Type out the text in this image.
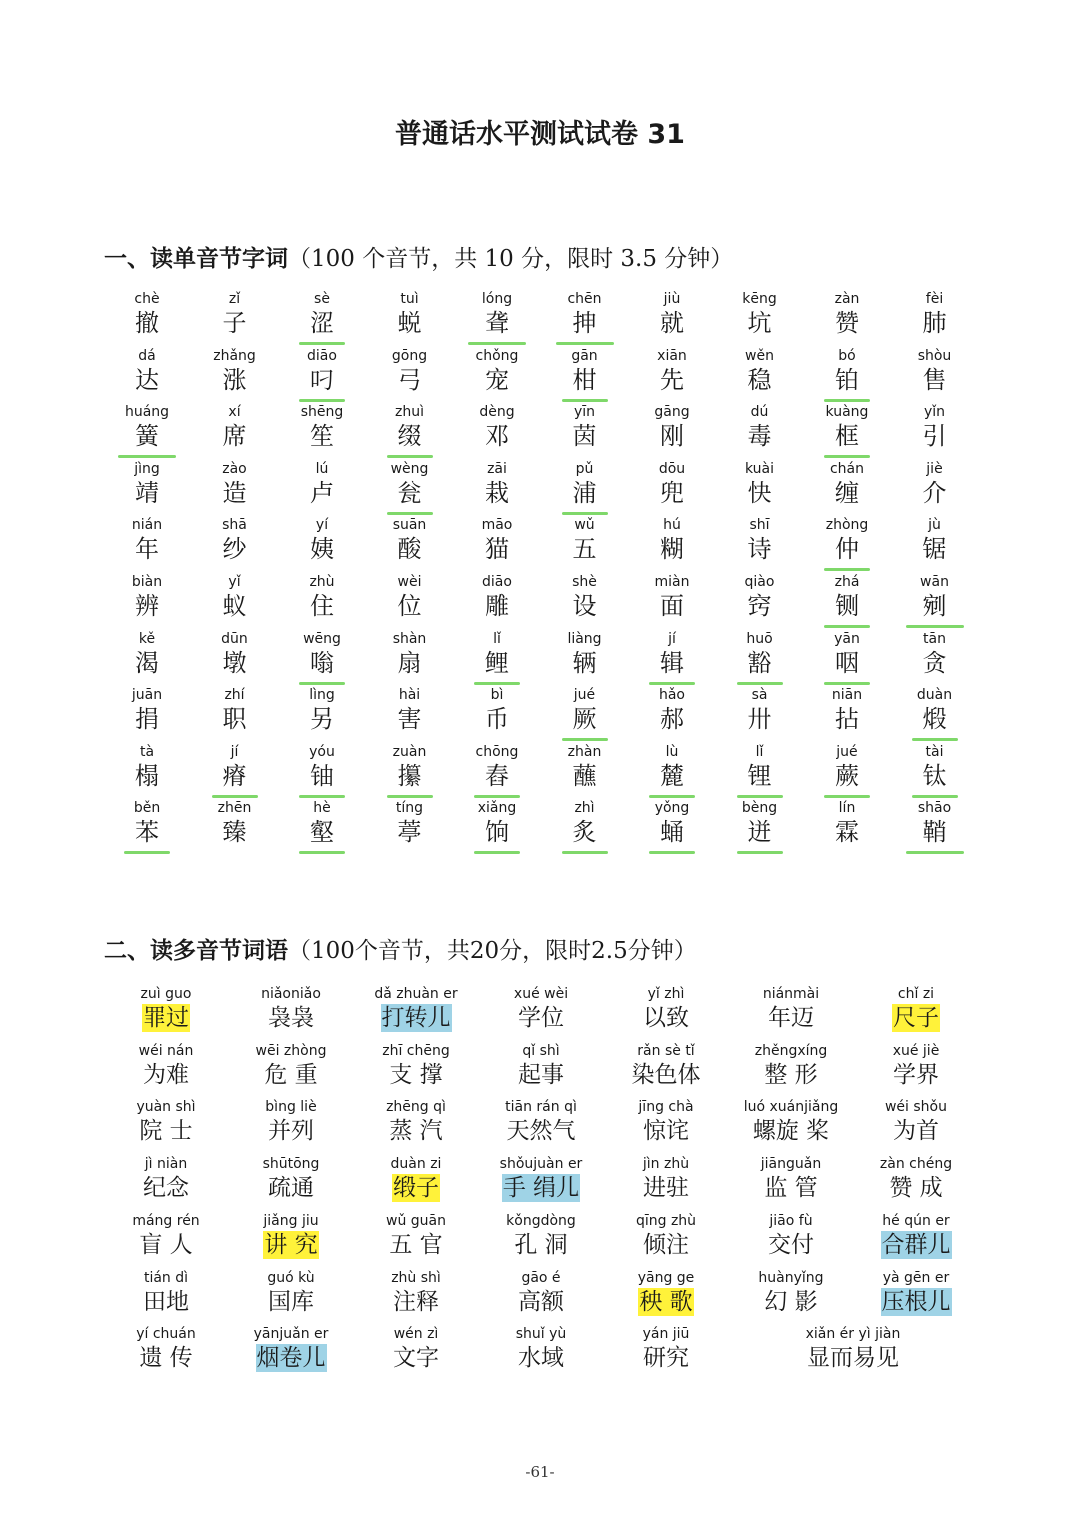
普通话水平测试试卷 31
一、读单音节字词（100 个音节，共 10 分，限时 3.5 分钟）
chè
撤
zǐ
子
sè
涩
tuì
蜕
lóng
聋
chēn
抻
jiù
就
kēng
坑
zàn
赞
fèi
肺
dá
达
zhǎng
涨
diāo
叼
gōng
弓
chǒng
宠
gān
柑
xiān
先
wěn
稳
bó
铂
shòu
售
huáng
簧
xí
席
shēng
笙
zhuì
缀
dèng
邓
yīn
茵
gāng
刚
dú
毒
kuàng
框
yǐn
引
jìng
靖
zào
造
lú
卢
wèng
瓮
zāi
栽
pǔ
浦
dōu
兜
kuài
快
chán
缠
jiè
介
nián
年
shā
纱
yí
姨
suān
酸
māo
猫
wǔ
五
hú
糊
shī
诗
zhòng
仲
jù
锯
biàn
辨
yǐ
蚁
zhù
住
wèi
位
diāo
雕
shè
设
miàn
面
qiào
窍
zhá
铡
wān
剜
kě
渴
dūn
墩
wēng
嗡
shàn
扇
lǐ
鲤
liàng
辆
jí
辑
huō
豁
yān
咽
tān
贪
juān
捐
zhí
职
lìng
另
hài
害
bì
币
jué
厥
hǎo
郝
sà
卅
niān
拈
duàn
煅
tà
榻
jí
瘠
yóu
铀
zuàn
攥
chōng
舂
zhàn
蘸
lù
麓
lǐ
锂
jué
蕨
tài
钛
běn
苯
zhēn
臻
hè
壑
tíng
葶
xiǎng
饷
zhì
炙
yǒng
蛹
bèng
迸
lín
霖
shāo
鞘
二、读多音节词语（100个音节，共20分，限时2.5分钟）
zuì guo
罪过
niǎoniǎo
袅袅
dǎ zhuàn er
打转儿
xué wèi
学位
yǐ zhì
以致
niánmài
年迈
chǐ zi
尺子
wéi nán
为难
wēi zhòng
危 重
zhī chēng
支 撑
qǐ shì
起事
rǎn sè tǐ
染色体
zhěngxíng
整 形
xué jiè
学界
yuàn shì
院 士
bìng liè
并列
zhēng qì
蒸 汽
tiān rán qì
天然气
jīng chà
惊诧
luó xuánjiǎng
螺旋 桨
wéi shǒu
为首
jì niàn
纪念
shūtōng
疏通
duàn zi
缎子
shǒujuàn er
手 绢儿
jìn zhù
进驻
jiānguǎn
监 管
zàn chéng
赞 成
máng rén
盲 人
jiǎng jiu
讲 究
wǔ guān
五 官
kǒngdòng
孔 洞
qīng zhù
倾注
jiāo fù
交付
hé qún er
合群儿
tián dì
田地
guó kù
国库
zhù shì
注释
gāo é
高额
yāng ge
秧 歌
huànyǐng
幻 影
yà gēn er
压根儿
yí chuán
遗 传
yānjuǎn er
烟卷儿
wén zì
文字
shuǐ yù
水域
yán jiū
研究
xiǎn ér yì jiàn
显而易见
-61-
